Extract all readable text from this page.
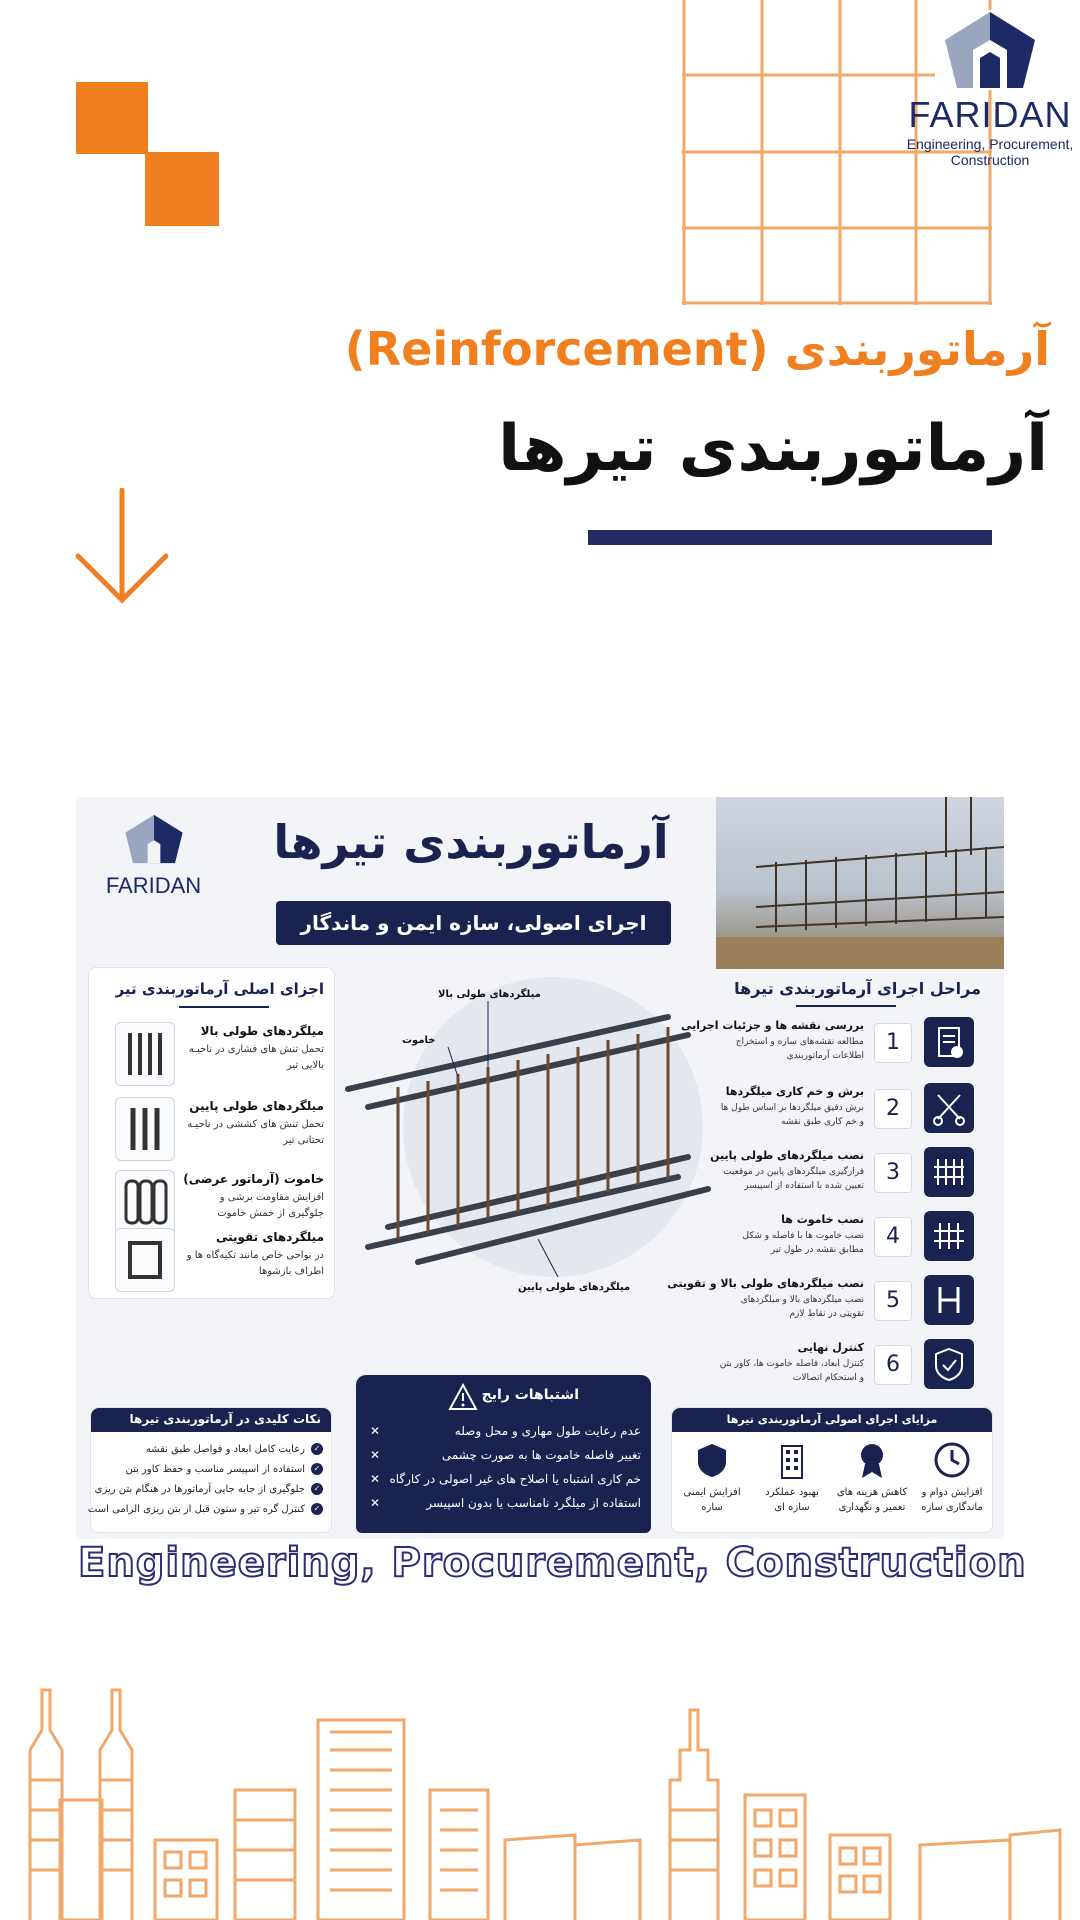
FARIDAN
Engineering, Procurement,
Construction
آرماتوربندی (Reinforcement)
آرماتوربندی تیرها
FARIDAN
آرماتوربندی تیرها
اجرای اصولی، سازه ایمن و ماندگار
اجزای اصلی آرماتوربندی تیر
میلگردهای طولی بالا
تحمل تنش های فشاری در ناحیـه بالایی تیر
میلگردهای طولی پایین
تحمل تنش های کششی در ناحیـه تحتانی تیر
خاموت (آرماتور عرضی)
افزایش مقاومت برشی و جلوگیری از خمش خاموت
میلگردهای تقویتی
در نواحی خاص مانند تکیه‌گاه ها و اطراف بازشوها
میلگردهای طولی بالا
خاموت
میلگردهای طولی پایین
مراحل اجرای آرماتوربندی تیرها
1
بررسی نقشه ها و جزئیات اجرایی
مطالعه نقشه‌های سازه و استخراج اطلاعات آرماتوربندی
2
برش و خم کاری میلگردها
برش دقیق میلگردها بر اساس طول ها و خم کاری طبق نقشه
3
نصب میلگردهای طولی پایین
قرارگیری میلگردهای پایین در موقعیت تعیین شده با استفاده از اسپیسر
4
نصب خاموت ها
نصب خاموت ها با فاصله و شکل مطابق نقشه در طول تیر
5
نصب میلگردهای طولی بالا و تقویتی
نصب میلگردهای بالا و میلگردهای تقویتی در نقاط لازم
6
کنترل نهایی
کنترل ابعاد، فاصله خاموت ها، کاور بتن و استحکام اتصالات
نکات کلیدی در آرماتوربندی تیرها
✓رعایت کامل ابعاد و فواصل طبق نقشه
✓استفاده از اسپیسر مناسب و حفظ کاور بتن
✓جلوگیری از جابه جایی آرماتورها در هنگام بتن ریزی
✓کنترل گره تیر و ستون قبل از بتن ریزی الزامی است
اشتباهات رایج
✕	عدم رعایت طول مهاری و محل وصله
✕	تغییر فاصله خاموت ها به صورت چشمی
✕ خم کاری اشتباه یا اصلاح های غیر اصولی در کارگاه
✕	استفاده از میلگرد نامناسب یا بدون اسپیسر
مزایای اجرای اصولی آرماتوربندی تیرها
افزایش دوام و
ماندگاری سازه
کاهش هزینه های
تعمیر و نگهداری
بهبود عملکرد
سازه ای
افزایش ایمنی
سازه
Engineering, Procurement, Construction
